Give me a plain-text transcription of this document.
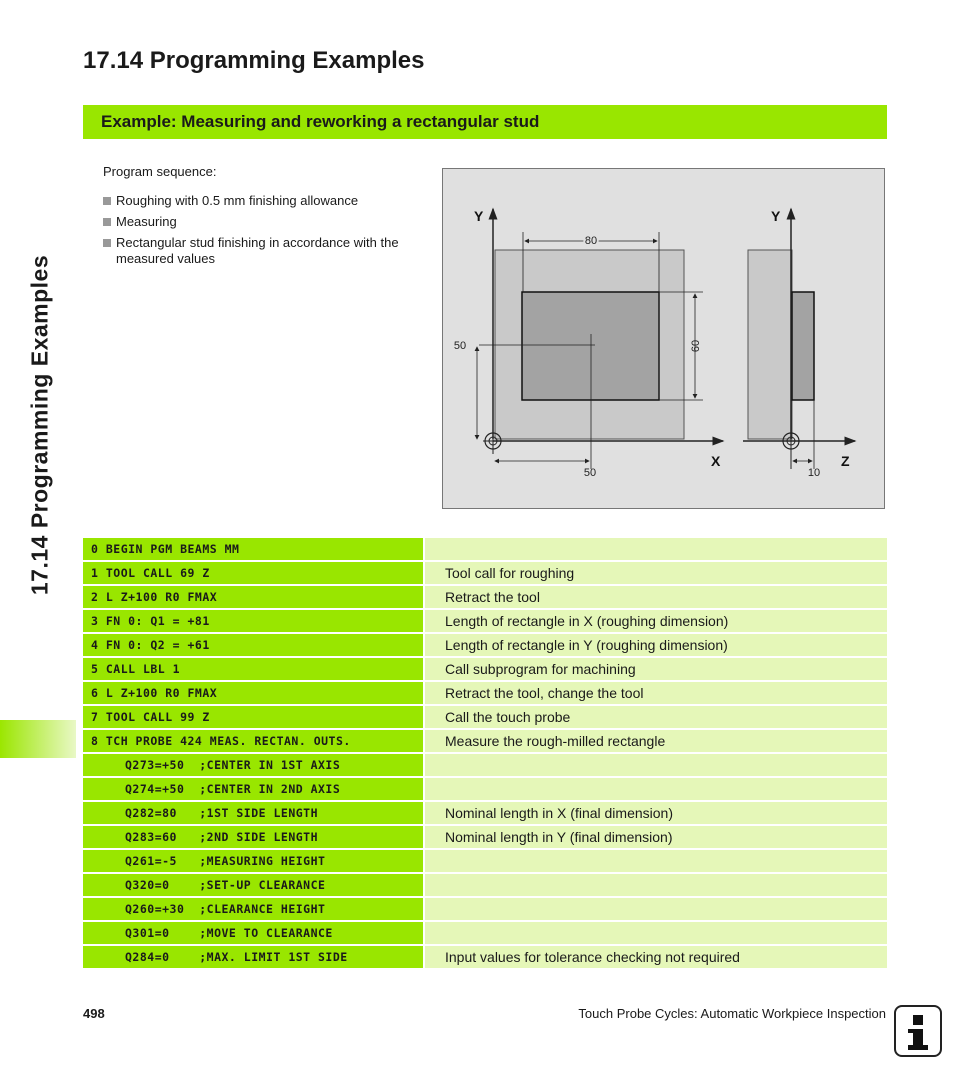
17.14 Programming Examples
17.14 Programming Examples
Example: Measuring and reworking a rectangular stud

Program sequence:

Roughing with 0.5 mm finishing allowance
Measuring
Rectangular stud finishing in accordance with the measured values
80
60
50
50
Y
X
10
Y
Z
0 BEGIN PGM BEAMS MM
1 TOOL CALL 69 Z	Tool call for roughing
2 L Z+100 R0 FMAX	Retract the tool
3 FN 0: Q1 = +81	Length of rectangle in X (roughing dimension)
4 FN 0: Q2 = +61	Length of rectangle in Y (roughing dimension)
5 CALL LBL 1	Call subprogram for machining
6 L Z+100 R0 FMAX	Retract the tool, change the tool
7 TOOL CALL 99 Z	Call the touch probe
8 TCH PROBE 424 MEAS. RECTAN. OUTS.	Measure the rough-milled rectangle
Q273=+50  ;CENTER IN 1ST AXIS
Q274=+50  ;CENTER IN 2ND AXIS
Q282=80   ;1ST SIDE LENGTH	Nominal length in X (final dimension)
Q283=60   ;2ND SIDE LENGTH	Nominal length in Y (final dimension)
Q261=-5   ;MEASURING HEIGHT
Q320=0    ;SET-UP CLEARANCE
Q260=+30  ;CLEARANCE HEIGHT
Q301=0    ;MOVE TO CLEARANCE
Q284=0    ;MAX. LIMIT 1ST SIDE	Input values for tolerance checking not required
498	Touch Probe Cycles: Automatic Workpiece Inspection
